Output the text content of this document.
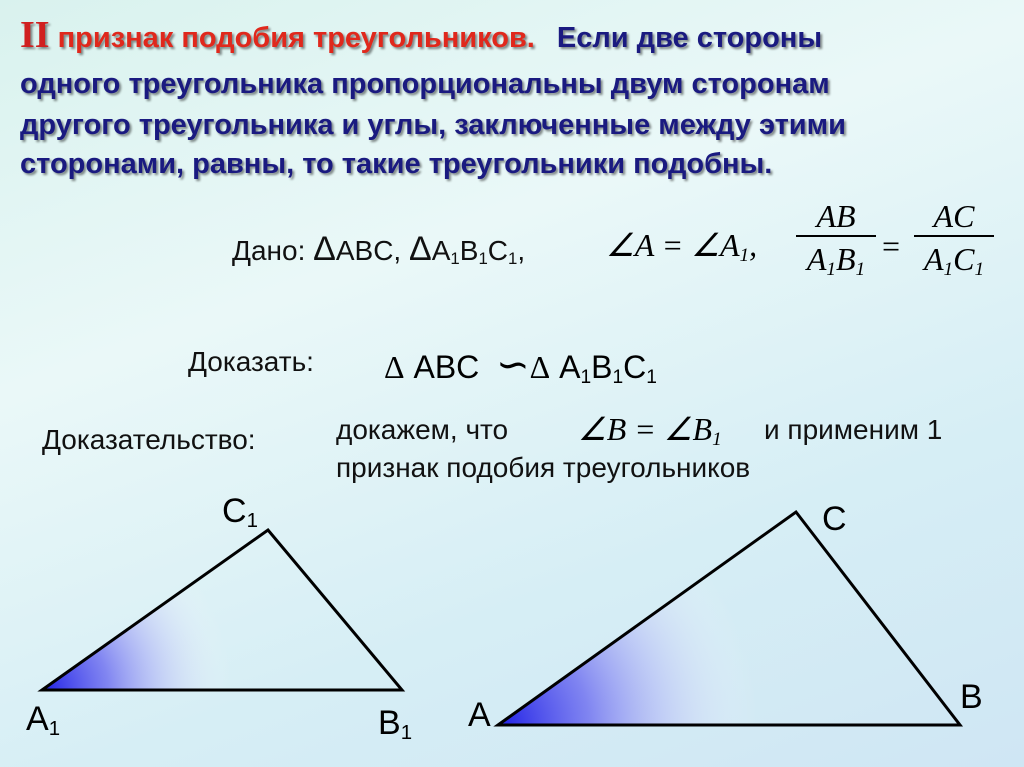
II признак подобия треугольников. Если две стороны
одного треугольника пропорциональны двум сторонам
другого треугольника и углы, заключенные между этими
сторонами, равны, то такие треугольники подобны.
Дано: ΔABC, $\Delta A_1B_1C_1$,	∠A = $\angle A_1$,
AB
$A_1B_1$
=
AC
$A_1C_1$
Доказать: Δ ABC ∽Δ $A_1B_1C_1$
Доказательство:	докажем, что ∠B = $\angle B_1$ и применим 1
признак подобия треугольников
$C_1$
$A_1$	$B_1$
C
A	B
